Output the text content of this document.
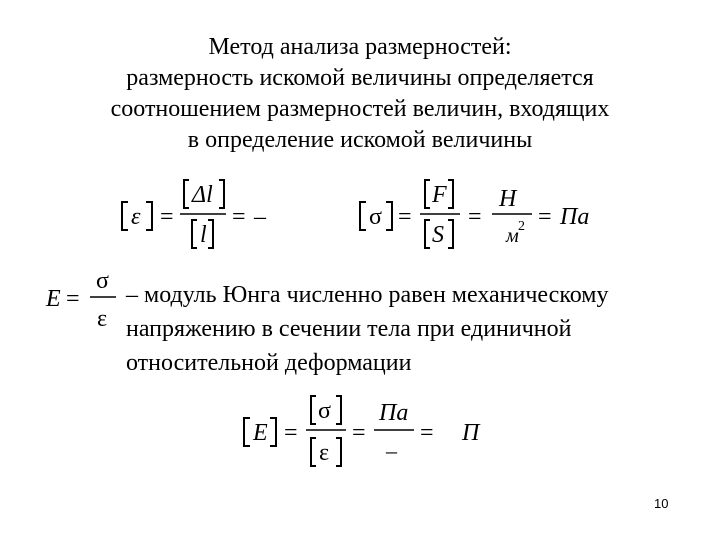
Метод анализа размерностей:
размерность искомой величины определяется
соотношением размерностей величин, входящих
в определение искомой величины
ε =
Δl
l
= –	σ =
F
S
=
Н
м 2 = Па
E =
σ
ε
– модуль Юнга численно равен механическому
напряжению в сечении тела при единичной
относительной деформации
E =
σ
ε
=
Па
–
= П
10
